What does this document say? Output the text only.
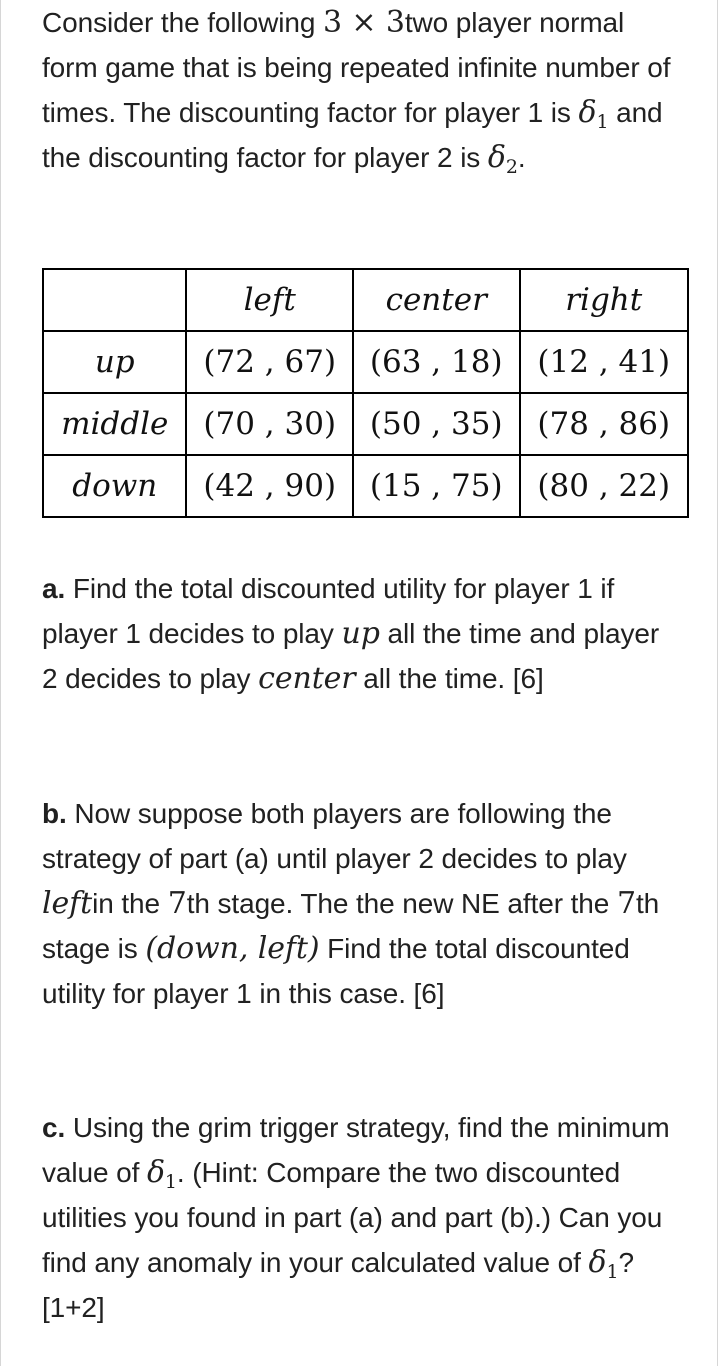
Consider the following 3 × 3two player normal form game that is being repeated infinite number of times. The discounting factor for player 1 is $\delta_1$ and the discounting factor for player 2 is $\delta_2$.

	left	center	right
up	(72 , 67)	(63 , 18)	(12 , 41)
middle	(70 , 30)	(50 , 35)	(78 , 86)
down	(42 , 90)	(15 , 75)	(80 , 22)

a. Find the total discounted utility for player 1 if player 1 decides to play up all the time and player 2 decides to play center all the time. [6]

b. Now suppose both players are following the strategy of part (a) until player 2 decides to play leftin the 7th stage. The the new NE after the 7th stage is (down, left) Find the total discounted utility for player 1 in this case. [6]

c. Using the grim trigger strategy, find the minimum value of $\delta_1$. (Hint: Compare the two discounted utilities you found in part (a) and part (b).) Can you find any anomaly in your calculated value of $\delta_1$? [1+2]
